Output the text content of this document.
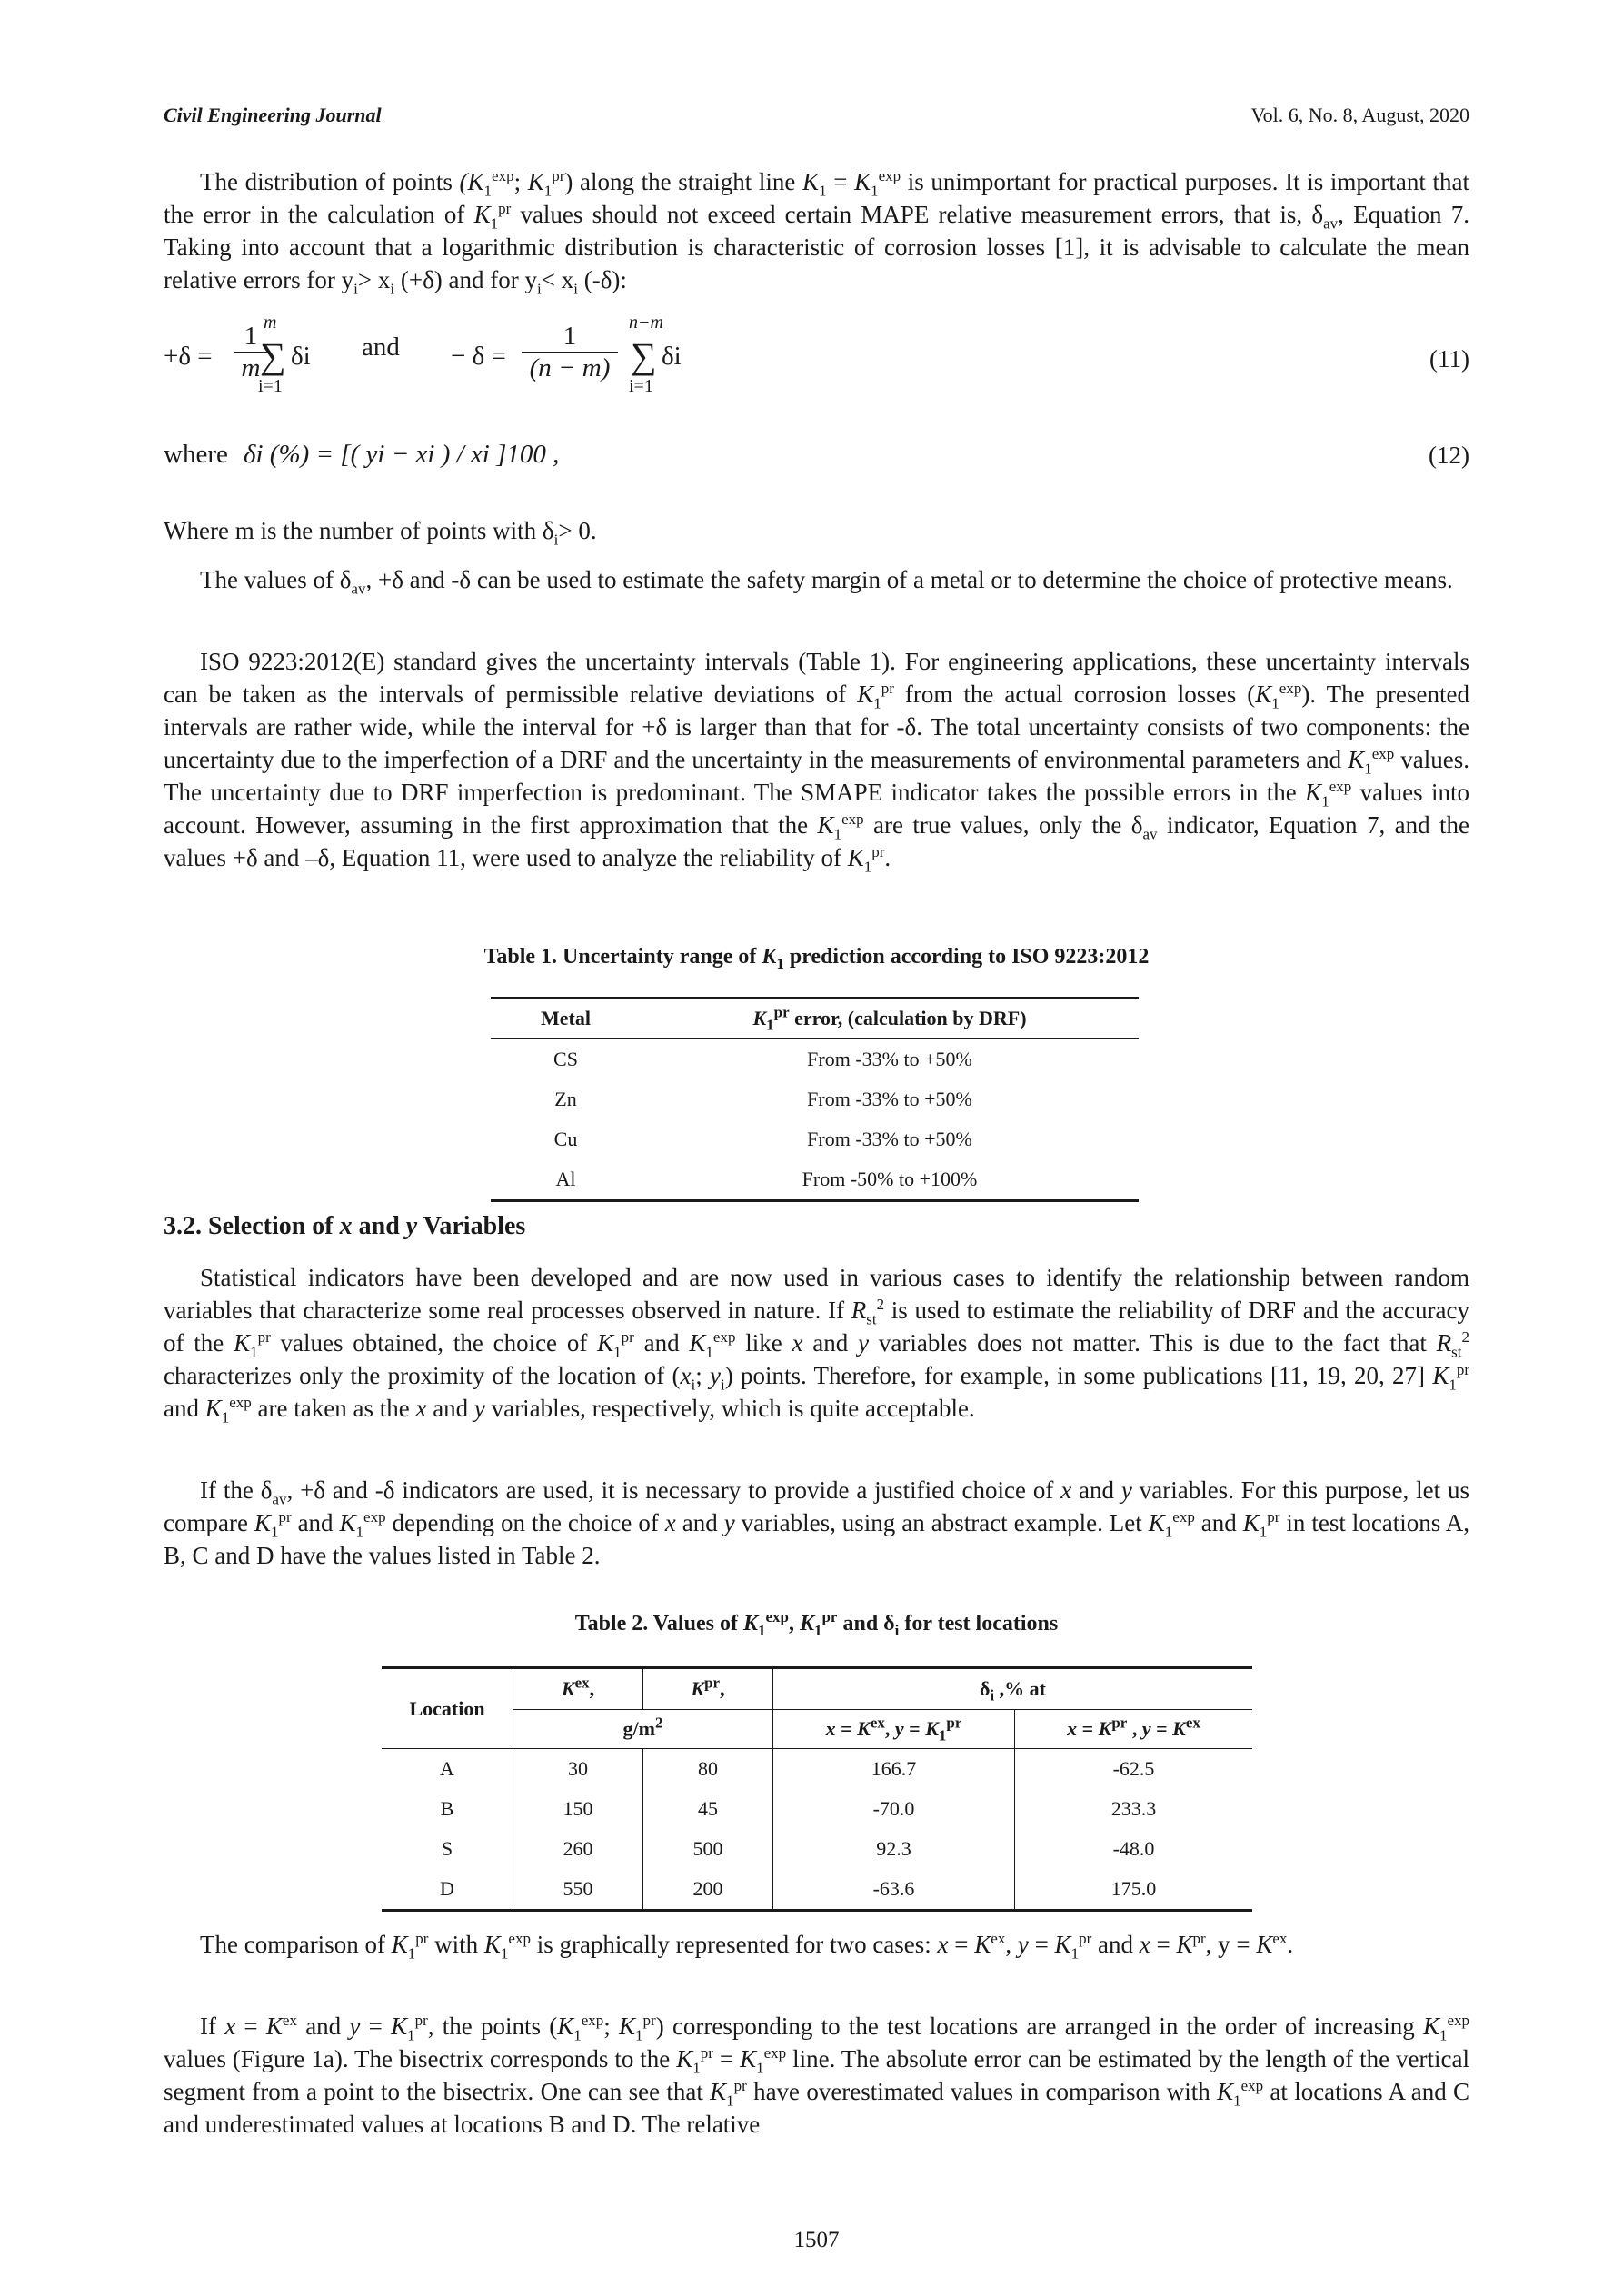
Civil Engineering Journal	Vol. 6, No. 8, August, 2020

The distribution of points ($K_1^{exp}$; $K_1^{pr}$) along the straight line $K_1 = K_1^{exp}$ is unimportant for practical purposes. It is important that the error in the calculation of $K_1^{pr}$ values should not exceed certain MAPE relative measurement errors, that is, $\delta_{av}$, Equation 7. Taking into account that a logarithmic distribution is characteristic of corrosion losses [1], it is advisable to calculate the mean relative errors for $y_i> x_i$ (+δ) and for $y_i< x_i$ (-δ):

+δ =
1
m
m
∑
i=1
δi and − δ =
1
(n − m)
n−m
∑
i=1
δi	(11)
where δi (%) = [( yi − xi ) / xi ]100 ,	(12)

Where m is the number of points with $\delta_i> 0$.

The values of $\delta_{av}$, +δ and -δ can be used to estimate the safety margin of a metal or to determine the choice of protective means.

ISO 9223:2012(E) standard gives the uncertainty intervals (Table 1). For engineering applications, these uncertainty intervals can be taken as the intervals of permissible relative deviations of $K_1^{pr}$ from the actual corrosion losses $(K_1^{exp})$. The presented intervals are rather wide, while the interval for +δ is larger than that for -δ. The total uncertainty consists of two components: the uncertainty due to the imperfection of a DRF and the uncertainty in the measurements of environmental parameters and $K_1^{exp}$ values. The uncertainty due to DRF imperfection is predominant. The SMAPE indicator takes the possible errors in the $K_1^{exp}$ values into account. However, assuming in the first approximation that the $K_1^{exp}$ are true values, only the $\delta_{av}$ indicator, Equation 7, and the values +δ and –δ, Equation 11, were used to analyze the reliability of $K_1^{pr}$.

Table 1. Uncertainty range of $K_1$ prediction according to ISO 9223:2012
Metal	$K_1^{pr}$ error, (calculation by DRF)
CS	From -33% to +50%
Zn	From -33% to +50%
Cu	From -33% to +50%
Al	From -50% to +100%
3.2. Selection of x and y Variables

Statistical indicators have been developed and are now used in various cases to identify the relationship between random variables that characterize some real processes observed in nature. If $R_{st}^2$ is used to estimate the reliability of DRF and the accuracy of the $K_1^{pr}$ values obtained, the choice of $K_1^{pr}$ and $K_1^{exp}$ like x and y variables does not matter. This is due to the fact that $R_{st}^2$ characterizes only the proximity of the location of ($x_i$; $y_i$) points. Therefore, for example, in some publications [11, 19, 20, 27] $K_1^{pr}$ and $K_1^{exp}$ are taken as the x and y variables, respectively, which is quite acceptable.

If the $\delta_{av}$, +δ and -δ indicators are used, it is necessary to provide a justified choice of x and y variables. For this purpose, let us compare $K_1^{pr}$ and $K_1^{exp}$ depending on the choice of x and y variables, using an abstract example. Let $K_1^{exp}$ and $K_1^{pr}$ in test locations A, B, C and D have the values listed in Table 2.

Table 2. Values of $K_1^{exp}$, $K_1^{pr}$ and $\delta_i$ for test locations
Location	$K^{ex}$,	$K^{pr}$,	$\delta_i$ ,% at	
	$g/m^2$		$x = K^{ex}$, $y = K_1^{pr}$	$x = K^{pr}$ , $y = K^{ex}$
A	30	80	166.7	-62.5
B	150	45	-70.0	233.3
S	260	500	92.3	-48.0
D	550	200	-63.6	175.0

The comparison of $K_1^{pr}$ with $K_1^{exp}$ is graphically represented for two cases: $x = K^{ex}$, $y = K_1^{pr}$ and $x = K^{pr}$, $y = K^{ex}$.

If $x = K^{ex}$ and $y = K_1^{pr}$, the points ($K_1^{exp}$; $K_1^{pr}$) corresponding to the test locations are arranged in the order of increasing $K_1^{exp}$ values (Figure 1a). The bisectrix corresponds to the $K_1^{pr} = K_1^{exp}$ line. The absolute error can be estimated by the length of the vertical segment from a point to the bisectrix. One can see that $K_1^{pr}$ have overestimated values in comparison with $K_1^{exp}$ at locations A and C and underestimated values at locations B and D. The relative

1507
